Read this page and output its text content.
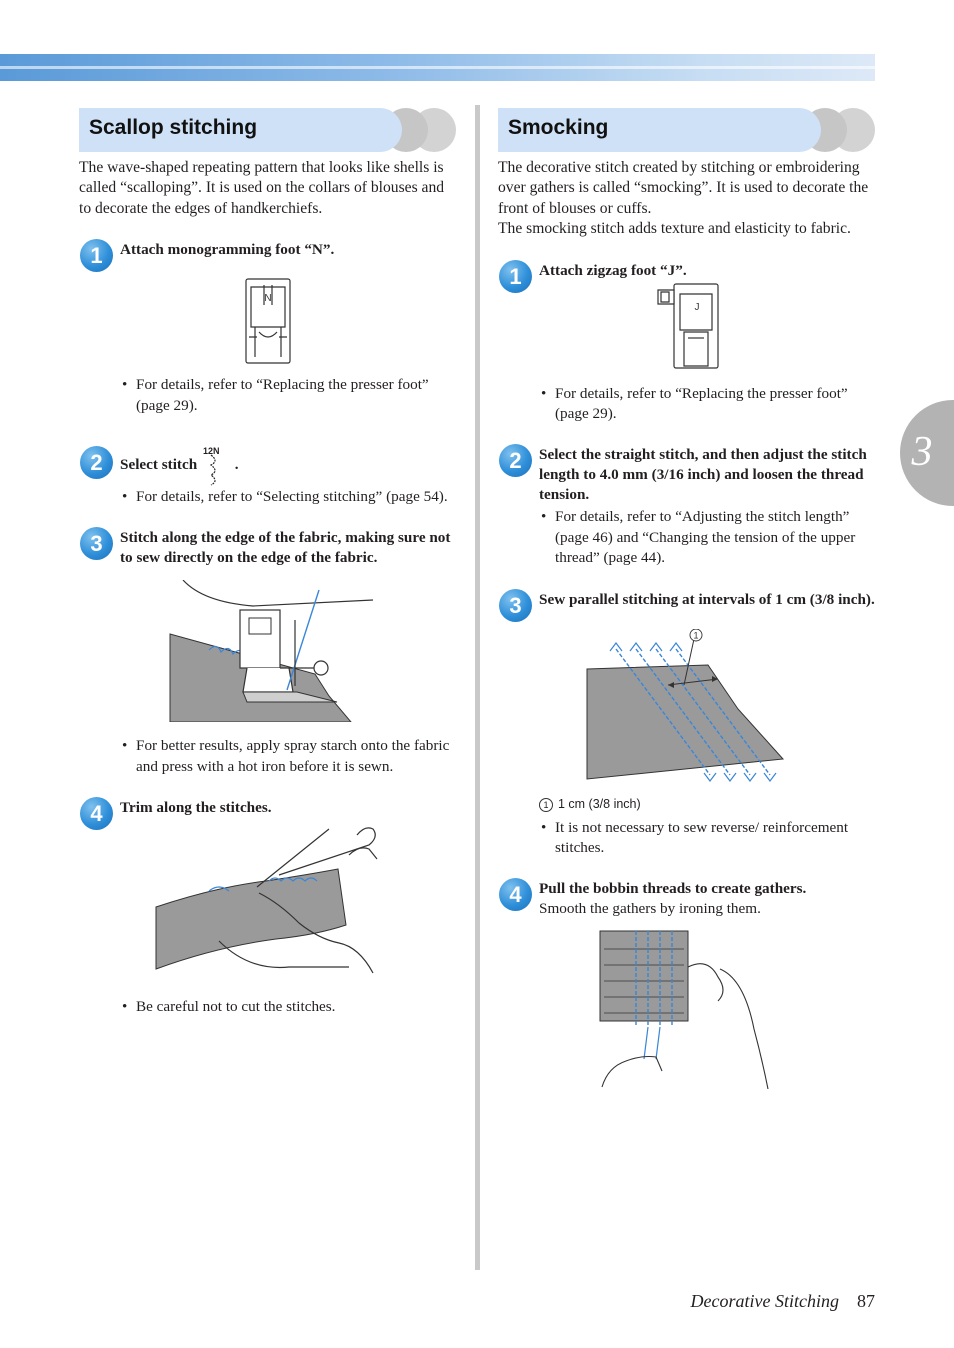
3
Scallop stitching

The wave-shaped repeating pattern that looks like shells is called “scalloping”. It is used on the collars of blouses and to decorate the edges of handkerchiefs.

1	Attach monogramming foot “N”.
N
• For details, refer to “Replacing the presser foot” (page 29).
2	Select stitch
12N
.
• For details, refer to “Selecting stitching” (page 54).
3	Stitch along the edge of the fabric, making sure not to sew directly on the edge of the fabric.
• For better results, apply spray starch onto the fabric and press with a hot iron before it is sewn.
4	Trim along the stitches.
• Be careful not to cut the stitches.
Smocking

The decorative stitch created by stitching or embroidering over gathers is called “smocking”. It is used to decorate the front of blouses or cuffs.

The smocking stitch adds texture and elasticity to fabric.

1	Attach zigzag foot “J”.
J
• For details, refer to “Replacing the presser foot” (page 29).
2	Select the straight stitch, and then adjust the stitch length to 4.0 mm (3/16 inch) and loosen the thread tension.
• For details, refer to “Adjusting the stitch length” (page 46) and “Changing the tension of the upper thread” (page 44).
3	Sew parallel stitching at intervals of 1 cm (3/8 inch).
1
1 1 cm (3/8 inch)
• It is not necessary to sew reverse/ reinforcement stitches.
4	Pull the bobbin threads to create gathers.
Smooth the gathers by ironing them.
Decorative Stitching 87
